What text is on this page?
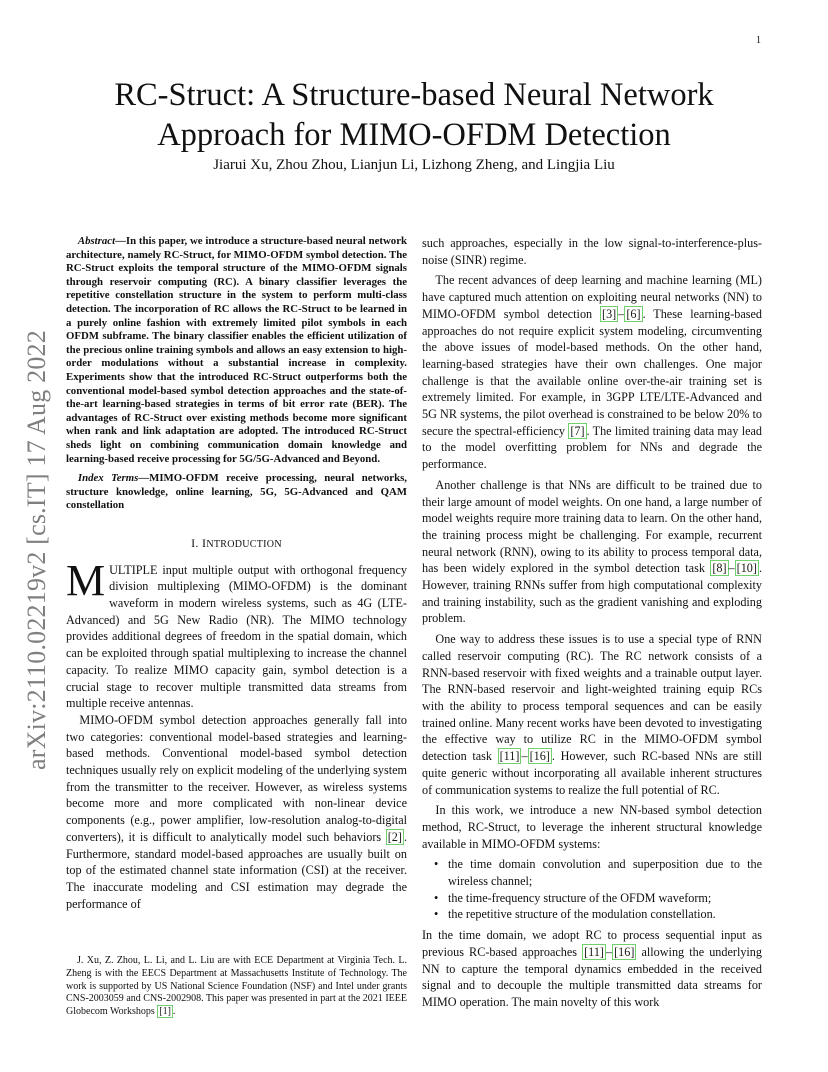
1
arXiv:2110.02219v2 [cs.IT] 17 Aug 2022
RC-Struct: A Structure-based Neural Network
Approach for MIMO-OFDM Detection
Jiarui Xu, Zhou Zhou, Lianjun Li, Lizhong Zheng, and Lingjia Liu

Abstract—In this paper, we introduce a structure-based neural network architecture, namely RC-Struct, for MIMO-OFDM symbol detection. The RC-Struct exploits the temporal structure of the MIMO-OFDM signals through reservoir computing (RC). A binary classifier leverages the repetitive constellation structure in the system to perform multi-class detection. The incorporation of RC allows the RC-Struct to be learned in a purely online fashion with extremely limited pilot symbols in each OFDM subframe. The binary classifier enables the efficient utilization of the precious online training symbols and allows an easy extension to high-order modulations without a substantial increase in complexity. Experiments show that the introduced RC-Struct outperforms both the conventional model-based symbol detection approaches and the state-of-the-art learning-based strategies in terms of bit error rate (BER). The advantages of RC-Struct over existing methods become more significant when rank and link adaptation are adopted. The introduced RC-Struct sheds light on combining communication domain knowledge and learning-based receive processing for 5G/5G-Advanced and Beyond.

Index Terms—MIMO-OFDM receive processing, neural networks, structure knowledge, online learning, 5G, 5G-Advanced and QAM constellation

I. INTRODUCTION

MULTIPLE input multiple output with orthogonal frequency division multiplexing (MIMO-OFDM) is the dominant waveform in modern wireless systems, such as 4G (LTE-Advanced) and 5G New Radio (NR). The MIMO technology provides additional degrees of freedom in the spatial domain, which can be exploited through spatial multiplexing to increase the channel capacity. To realize MIMO capacity gain, symbol detection is a crucial stage to recover multiple transmitted data streams from multiple receive antennas.

MIMO-OFDM symbol detection approaches generally fall into two categories: conventional model-based strategies and learning-based methods. Conventional model-based symbol detection techniques usually rely on explicit modeling of the underlying system from the transmitter to the receiver. However, as wireless systems become more and more complicated with non-linear device components (e.g., power amplifier, low-resolution analog-to-digital converters), it is difficult to analytically model such behaviors [2] . Furthermore, standard model-based approaches are usually built on top of the estimated channel state information (CSI) at the receiver. The inaccurate modeling and CSI estimation may degrade the performance of

such approaches, especially in the low signal-to-interference-plus-noise (SINR) regime.

The recent advances of deep learning and machine learning (ML) have captured much attention on exploiting neural networks (NN) to MIMO-OFDM symbol detection [3] – [6] . These learning-based approaches do not require explicit system modeling, circumventing the above issues of model-based methods. On the other hand, learning-based strategies have their own challenges. One major challenge is that the available online over-the-air training set is extremely limited. For example, in 3GPP LTE/LTE-Advanced and 5G NR systems, the pilot overhead is constrained to be below 20% to secure the spectral-efficiency [7] . The limited training data may lead to the model overfitting problem for NNs and degrade the performance.

Another challenge is that NNs are difficult to be trained due to their large amount of model weights. On one hand, a large number of model weights require more training data to learn. On the other hand, the training process might be challenging. For example, recurrent neural network (RNN), owing to its ability to process temporal data, has been widely explored in the symbol detection task [8] – [10] . However, training RNNs suffer from high computational complexity and training instability, such as the gradient vanishing and exploding problem.

One way to address these issues is to use a special type of RNN called reservoir computing (RC). The RC network consists of a RNN-based reservoir with fixed weights and a trainable output layer. The RNN-based reservoir and light-weighted training equip RCs with the ability to process temporal sequences and can be easily trained online. Many recent works have been devoted to investigating the effective way to utilize RC in the MIMO-OFDM symbol detection task [11] – [16] . However, such RC-based NNs are still quite generic without incorporating all available inherent structures of communication systems to realize the full potential of RC.

In this work, we introduce a new NN-based symbol detection method, RC-Struct, to leverage the inherent structural knowledge available in MIMO-OFDM systems:

• the time domain convolution and superposition due to the wireless channel;
• the time-frequency structure of the OFDM waveform;
• the repetitive structure of the modulation constellation.

In the time domain, we adopt RC to process sequential input as previous RC-based approaches [11] – [16] allowing the underlying NN to capture the temporal dynamics embedded in the received signal and to decouple the multiple transmitted data streams for MIMO operation. The main novelty of this work

J. Xu, Z. Zhou, L. Li, and L. Liu are with ECE Department at Virginia Tech. L. Zheng is with the EECS Department at Massachusetts Institute of Technology. The work is supported by US National Science Foundation (NSF) and Intel under grants CNS-2003059 and CNS-2002908. This paper was presented in part at the 2021 IEEE Globecom Workshops [1] .
